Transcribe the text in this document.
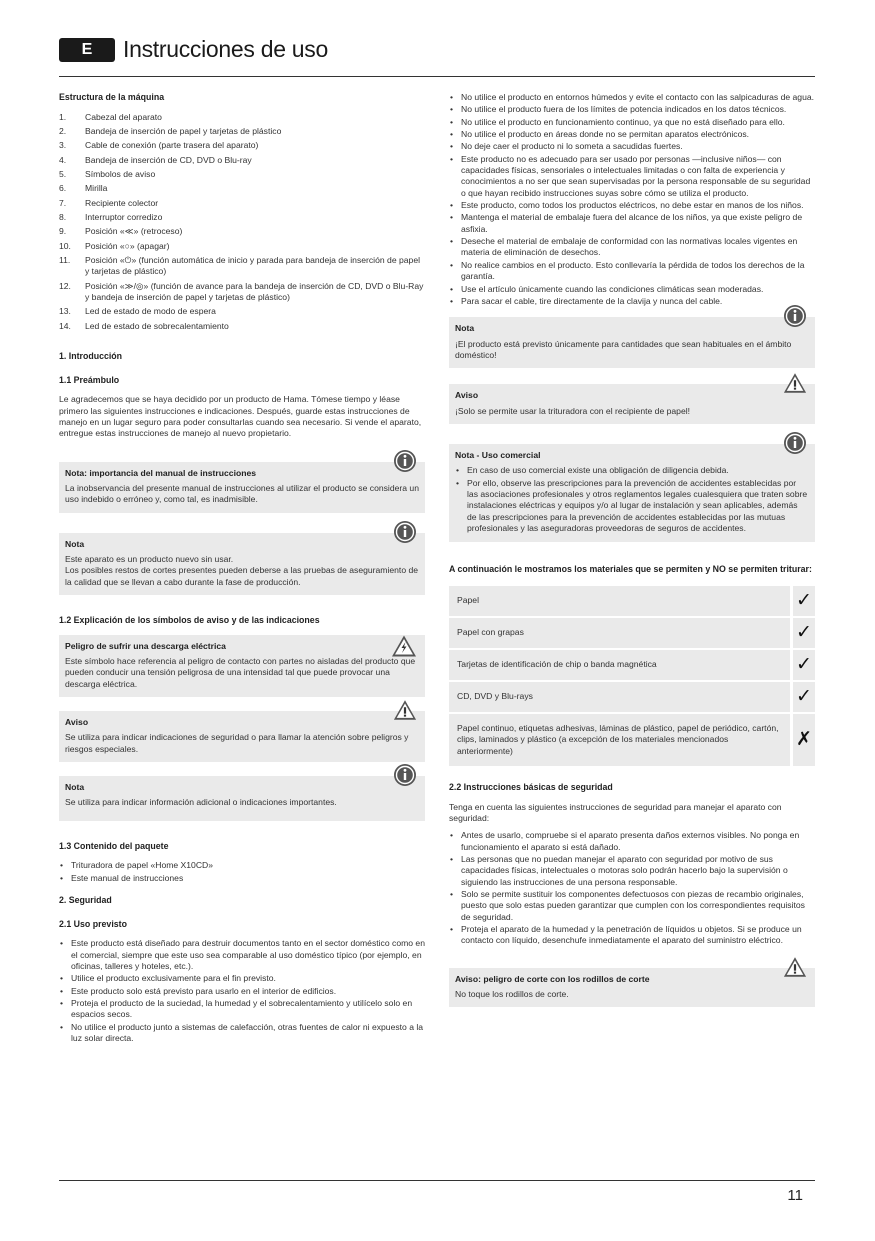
E	Instrucciones de uso
Estructura de la máquina
1. Cabezal del aparato
2. Bandeja de inserción de papel y tarjetas de plástico
3. Cable de conexión (parte trasera del aparato)
4. Bandeja de inserción de CD, DVD o Blu-ray
5. Símbolos de aviso
6. Mirilla
7. Recipiente colector
8. Interruptor corredizo
9. Posición «≪» (retroceso)
10. Posición «○» (apagar)
11. Posición «⏻» (función automática de inicio y parada para bandeja de inserción de papel y tarjetas de plástico)
12. Posición «≫/◎» (función de avance para la bandeja de inserción de CD, DVD o Blu-Ray y bandeja de inserción de papel y tarjetas de plástico)
13. Led de estado de modo de espera
14. Led de estado de sobrecalentamiento
1. Introducción
1.1 Preámbulo

Le agradecemos que se haya decidido por un producto de Hama. Tómese tiempo y léase primero las siguientes instrucciones e indicaciones. Después, guarde estas instrucciones de manejo en un lugar seguro para poder consultarlas cuando sea necesario. Si vende el aparato, entregue estas instrucciones de manejo al nuevo propietario.

Nota: importancia del manual de instrucciones

La inobservancia del presente manual de instrucciones al utilizar el producto se considera un uso indebido o erróneo y, como tal, es inadmisible.

Nota

Este aparato es un producto nuevo sin usar.

Los posibles restos de cortes presentes pueden deberse a las pruebas de aseguramiento de la calidad que se llevan a cabo durante la fase de producción.

1.2 Explicación de los símbolos de aviso y de las indicaciones
Peligro de sufrir una descarga eléctrica

Este símbolo hace referencia al peligro de contacto con partes no aisladas del producto que pueden conducir una tensión peligrosa de una intensidad tal que puede provocar una descarga eléctrica.

Aviso

Se utiliza para indicar indicaciones de seguridad o para llamar la atención sobre peligros y riesgos especiales.

Nota

Se utiliza para indicar información adicional o indicaciones importantes.

1.3 Contenido del paquete
• Trituradora de papel «Home X10CD»
• Este manual de instrucciones
2. Seguridad
2.1 Uso previsto
• Este producto está diseñado para destruir documentos tanto en el sector doméstico como en el comercial, siempre que este uso sea comparable al uso doméstico típico (por ejemplo, en oficinas, talleres y hoteles, etc.).
• Utilice el producto exclusivamente para el fin previsto.
• Este producto solo está previsto para usarlo en el interior de edificios.
• Proteja el producto de la suciedad, la humedad y el sobrecalentamiento y utilícelo solo en espacios secos.
• No utilice el producto junto a sistemas de calefacción, otras fuentes de calor ni expuesto a la luz solar directa.
• No utilice el producto en entornos húmedos y evite el contacto con las salpicaduras de agua.
• No utilice el producto fuera de los límites de potencia indicados en los datos técnicos.
• No utilice el producto en funcionamiento continuo, ya que no está diseñado para ello.
• No utilice el producto en áreas donde no se permitan aparatos electrónicos.
• No deje caer el producto ni lo someta a sacudidas fuertes.
• Este producto no es adecuado para ser usado por personas —inclusive niños— con capacidades físicas, sensoriales o intelectuales limitadas o con falta de experiencia y conocimientos a no ser que sean supervisadas por la persona responsable de su seguridad o que hayan recibido instrucciones suyas sobre cómo se utiliza el producto.
• Este producto, como todos los productos eléctricos, no debe estar en manos de los niños.
• Mantenga el material de embalaje fuera del alcance de los niños, ya que existe peligro de asfixia.
• Deseche el material de embalaje de conformidad con las normativas locales vigentes en materia de eliminación de desechos.
• No realice cambios en el producto. Esto conllevaría la pérdida de todos los derechos de la garantía.
• Use el artículo únicamente cuando las condiciones climáticas sean moderadas.
• Para sacar el cable, tire directamente de la clavija y nunca del cable.
Nota

¡El producto está previsto únicamente para cantidades que sean habituales en el ámbito doméstico!

Aviso

¡Solo se permite usar la trituradora con el recipiente de papel!

Nota - Uso comercial
• En caso de uso comercial existe una obligación de diligencia debida.
• Por ello, observe las prescripciones para la prevención de accidentes establecidas por las asociaciones profesionales y otros reglamentos legales cualesquiera que traten sobre instalaciones eléctricas y equipos y/o al lugar de instalación y sean aplicables, además de las prescripciones para la prevención de accidentes establecidas por las mutuas profesionales y las aseguradoras proveedoras de seguros de accidentes.
A continuación le mostramos los materiales que se permiten y NO se permiten triturar:
Papel	✓
Papel con grapas	✓
Tarjetas de identificación de chip o banda magnética	✓
CD, DVD y Blu-rays	✓
Papel continuo, etiquetas adhesivas, láminas de plástico, papel de periódico, cartón, clips, laminados y plástico (a excepción de los materiales mencionados anteriormente)	✗
2.2 Instrucciones básicas de seguridad

Tenga en cuenta las siguientes instrucciones de seguridad para manejar el aparato con seguridad:

• Antes de usarlo, compruebe si el aparato presenta daños externos visibles. No ponga en funcionamiento el aparato si está dañado.
• Las personas que no puedan manejar el aparato con seguridad por motivo de sus capacidades físicas, intelectuales o motoras solo podrán hacerlo bajo la supervisión o siguiendo las instrucciones de una persona responsable.
• Solo se permite sustituir los componentes defectuosos con piezas de recambio originales, puesto que solo estas pueden garantizar que cumplen con los correspondientes requisitos de seguridad.
• Proteja el aparato de la humedad y la penetración de líquidos u objetos. Si se produce un contacto con líquido, desenchufe inmediatamente el aparato del suministro eléctrico.
Aviso: peligro de corte con los rodillos de corte

No toque los rodillos de corte.

11
